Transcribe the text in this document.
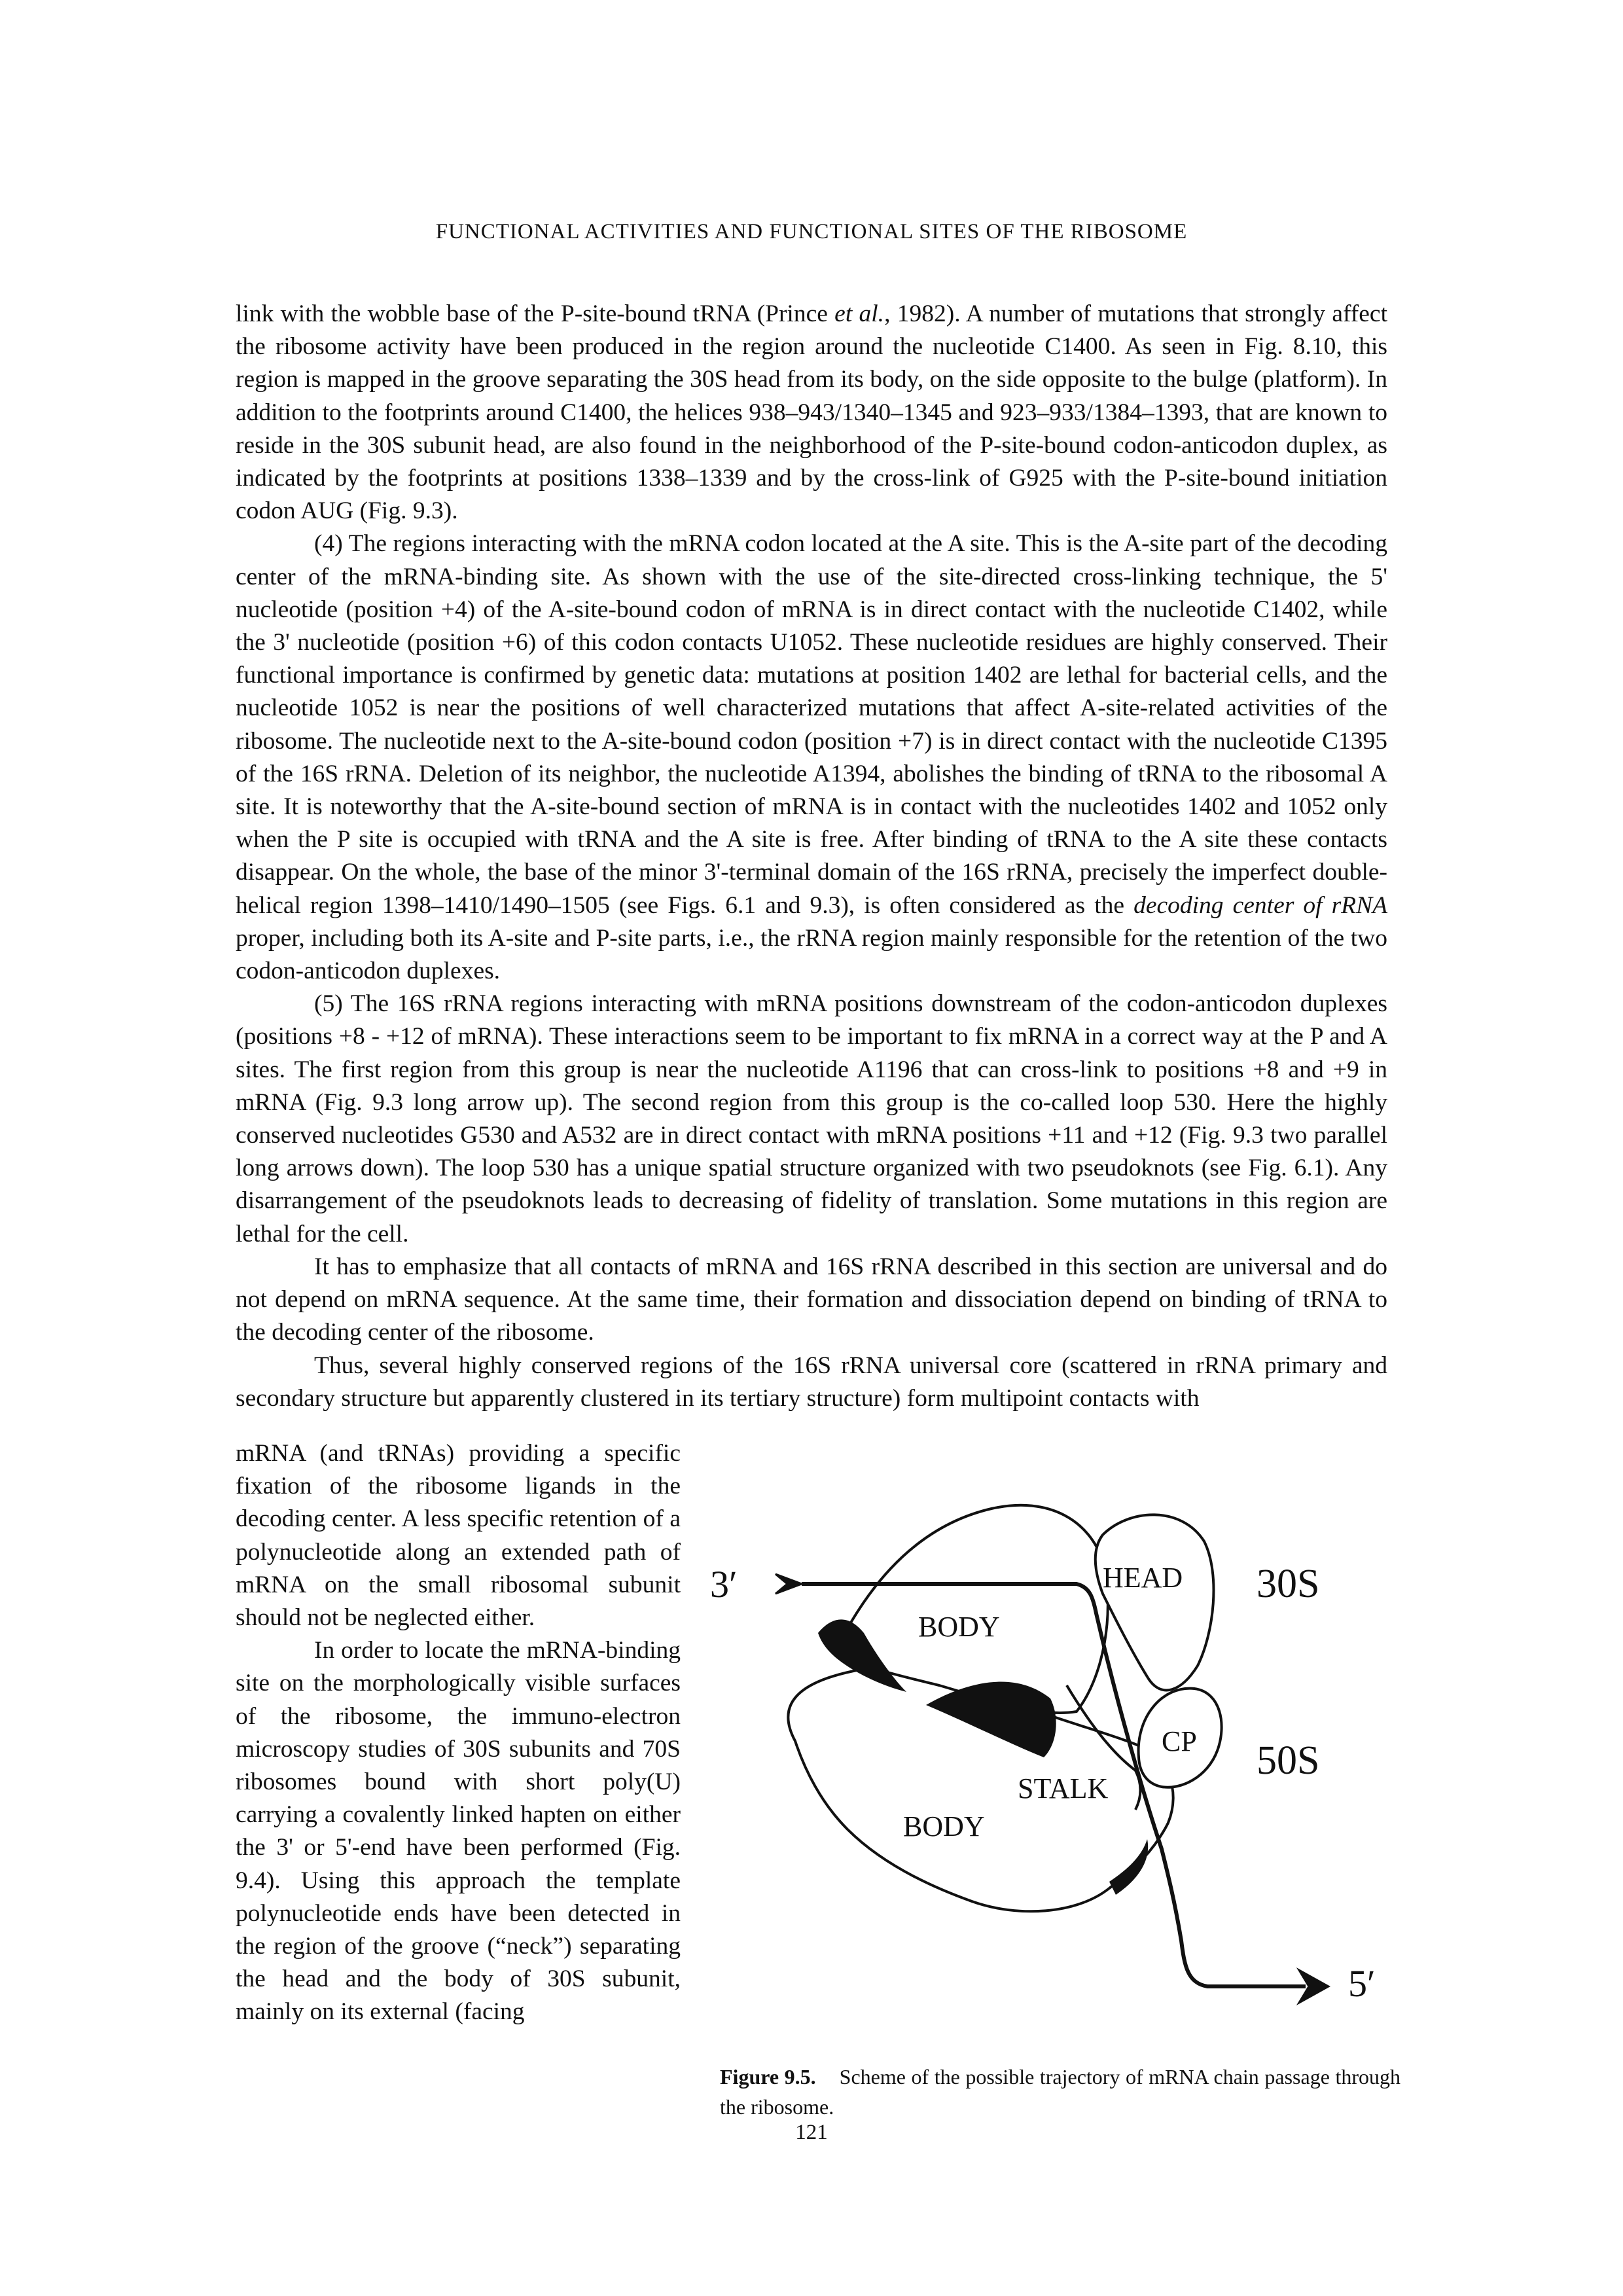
FUNCTIONAL ACTIVITIES AND FUNCTIONAL SITES OF THE RIBOSOME

link with the wobble base of the P-site-bound tRNA (Prince et al., 1982). A number of mutations that strongly affect the ribosome activity have been produced in the region around the nucleotide C1400. As seen in Fig. 8.10, this region is mapped in the groove separating the 30S head from its body, on the side opposite to the bulge (platform). In addition to the footprints around C1400, the helices 938–943/1340–1345 and 923–933/1384–1393, that are known to reside in the 30S subunit head, are also found in the neighborhood of the P-site-bound codon-anticodon duplex, as indicated by the footprints at positions 1338–1339 and by the cross-link of G925 with the P-site-bound initiation codon AUG (Fig. 9.3).

(4) The regions interacting with the mRNA codon located at the A site. This is the A-site part of the decoding center of the mRNA-binding site. As shown with the use of the site-directed cross-linking technique, the 5' nucleotide (position +4) of the A-site-bound codon of mRNA is in direct contact with the nucleotide C1402, while the 3' nucleotide (position +6) of this codon contacts U1052. These nucleotide residues are highly conserved. Their functional importance is confirmed by genetic data: mutations at position 1402 are lethal for bacterial cells, and the nucleotide 1052 is near the positions of well characterized mutations that affect A-site-related activities of the ribosome. The nucleotide next to the A-site-bound codon (position +7) is in direct contact with the nucleotide C1395 of the 16S rRNA. Deletion of its neighbor, the nucleotide A1394, abolishes the binding of tRNA to the ribosomal A site. It is noteworthy that the A-site-bound section of mRNA is in contact with the nucleotides 1402 and 1052 only when the P site is occupied with tRNA and the A site is free. After binding of tRNA to the A site these contacts disappear. On the whole, the base of the minor 3'-terminal domain of the 16S rRNA, precisely the imperfect double-helical region 1398–1410/1490–1505 (see Figs. 6.1 and 9.3), is often considered as the decoding center of rRNA proper, including both its A-site and P-site parts, i.e., the rRNA region mainly responsible for the retention of the two codon-anticodon duplexes.

(5) The 16S rRNA regions interacting with mRNA positions downstream of the codon-anticodon duplexes (positions +8 - +12 of mRNA). These interactions seem to be important to fix mRNA in a correct way at the P and A sites. The first region from this group is near the nucleotide A1196 that can cross-link to positions +8 and +9 in mRNA (Fig. 9.3 long arrow up). The second region from this group is the co-called loop 530. Here the highly conserved nucleotides G530 and A532 are in direct contact with mRNA positions +11 and +12 (Fig. 9.3 two parallel long arrows down). The loop 530 has a unique spatial structure organized with two pseudoknots (see Fig. 6.1). Any disarrangement of the pseudoknots leads to decreasing of fidelity of translation. Some mutations in this region are lethal for the cell.

It has to emphasize that all contacts of mRNA and 16S rRNA described in this section are universal and do not depend on mRNA sequence. At the same time, their formation and dissociation depend on binding of tRNA to the decoding center of the ribosome.

Thus, several highly conserved regions of the 16S rRNA universal core (scattered in rRNA primary and secondary structure but apparently clustered in its tertiary structure) form multipoint contacts with

mRNA (and tRNAs) providing a specific fixation of the ribosome ligands in the decoding center. A less specific retention of a polynucleotide along an extended path of mRNA on the small ribosomal subunit should not be neglected either.

In order to locate the mRNA-binding site on the morphologically visible surfaces of the ribosome, the immuno-electron microscopy studies of 30S subunits and 70S ribosomes bound with short poly(U) carrying a covalently linked hapten on either the 3' or 5'-end have been performed (Fig. 9.4). Using this approach the template polynucleotide ends have been detected in the region of the groove (“neck”) separating the head and the body of 30S subunit, mainly on its external (facing

3′
BODY
HEAD 30S
CP 50S
STALK
BODY
5′
Figure 9.5. Scheme of the possible trajectory of mRNA chain passage through the ribosome.
121
